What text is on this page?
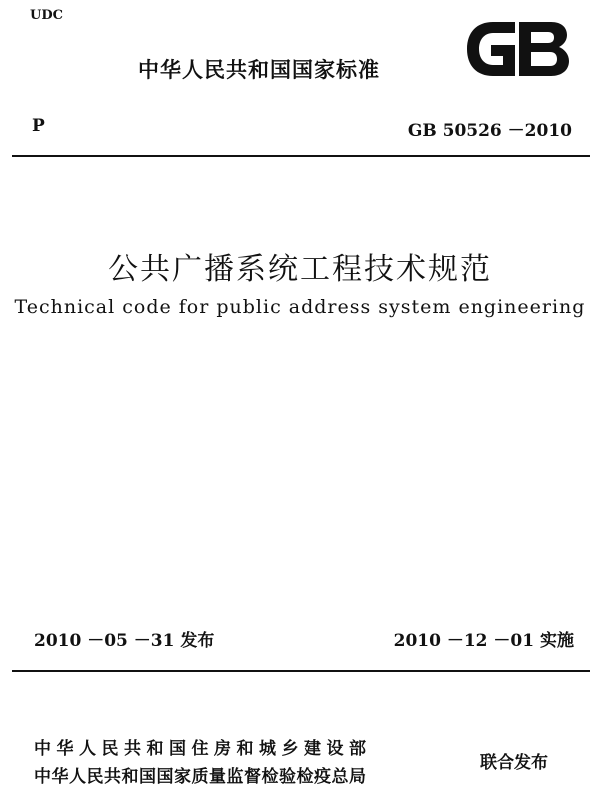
UDC
中华人民共和国国家标准
P	GB 50526 －2010
公共广播系统工程技术规范
Technical code for public address system engineering
2010 －05 －31 发布	2010 －12 －01 实施
中华人民共和国住房和城乡建设部
中华人民共和国国家质量监督检验检疫总局
联合发布
